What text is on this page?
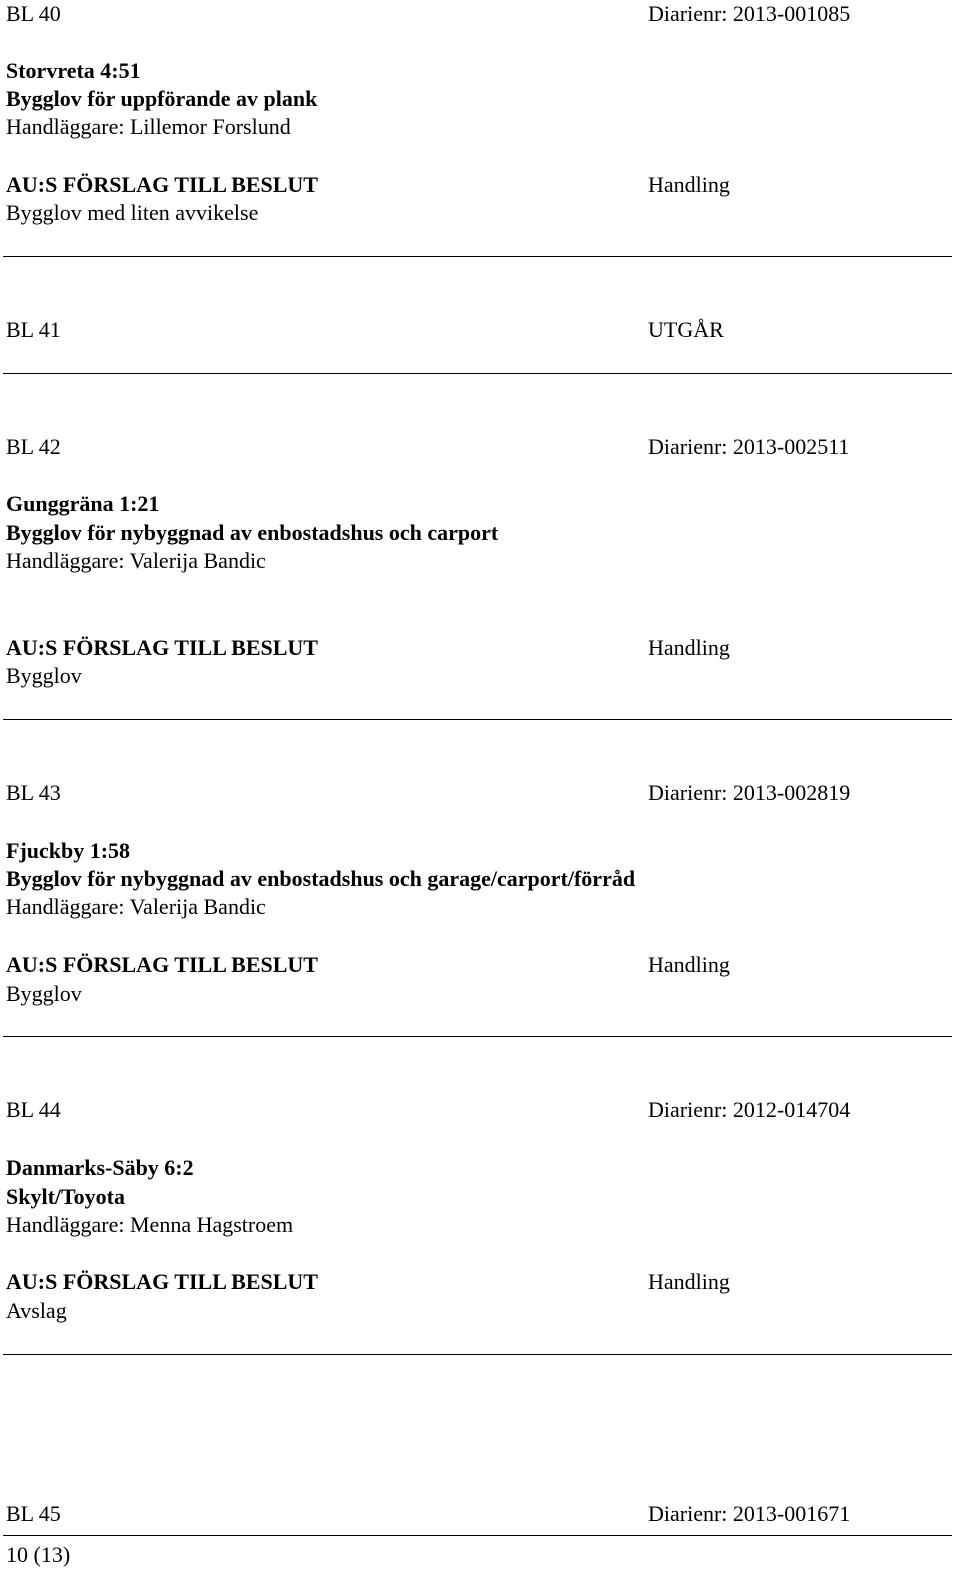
BL 40	Diarienr: 2013-001085
Storvreta 4:51
Bygglov för uppförande av plank
Handläggare: Lillemor Forslund
AU:S FÖRSLAG TILL BESLUT	Handling
Bygglov med liten avvikelse
BL 41	UTGÅR
BL 42	Diarienr: 2013-002511
Gunggräna 1:21
Bygglov för nybyggnad av enbostadshus och carport
Handläggare: Valerija Bandic
AU:S FÖRSLAG TILL BESLUT	Handling
Bygglov
BL 43	Diarienr: 2013-002819
Fjuckby 1:58
Bygglov för nybyggnad av enbostadshus och garage/carport/förråd
Handläggare: Valerija Bandic
AU:S FÖRSLAG TILL BESLUT	Handling
Bygglov
BL 44	Diarienr: 2012-014704
Danmarks-Säby 6:2
Skylt/Toyota
Handläggare: Menna Hagstroem
AU:S FÖRSLAG TILL BESLUT	Handling
Avslag
BL 45	Diarienr: 2013-001671
10 (13)
